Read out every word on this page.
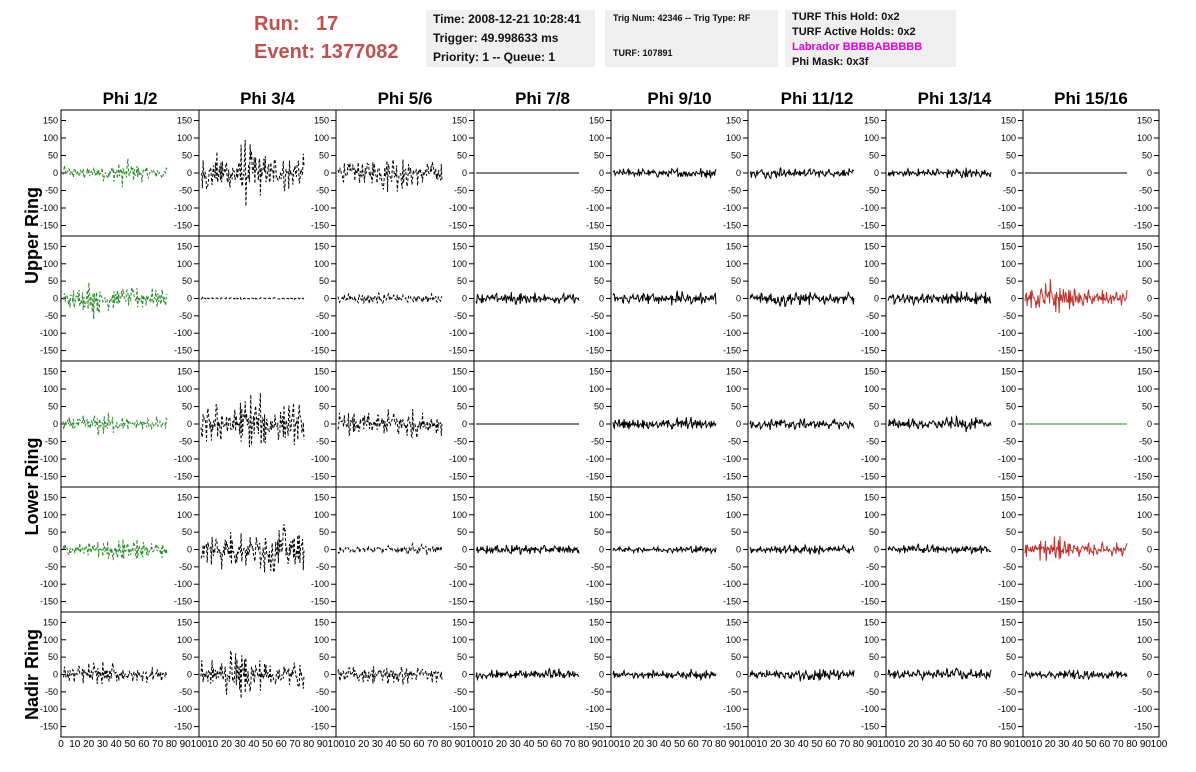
Run: 17
Event: 1377082
Time: 2008-12-21 10:28:41
Trigger: 49.998633 ms
Priority: 1 -- Queue: 1
Trig Num: 42346 -- Trig Type: RF
TURF: 107891
TURF This Hold: 0x2
TURF Active Holds: 0x2
Labrador BBBBABBBBB
Phi Mask: 0x3f
Phi 1/2	Phi 3/4	Phi 5/6	Phi 7/8	Phi 9/10	Phi 11/12	Phi 13/14	Phi 15/16
Upper Ring
Lower Ring
Nadir Ring
-150	-150
-100	-100
-50	-50
0	0
50	50
100	100
150	150
-150
-100
-50
0
50
100
150
-150
-100
-50
0
50
100
150
-150
-100
-50
0
50
100
150
-150
-100
-50
0
50
100
150
-150
-100
-50
0
50
100
150
-150
-100
-50
0
50
100
150
-150
-100
-50
0
50
100
150
-150	-150
-100	-100
-50	-50
0	0
50	50
100	100
150	150
-150
-100
-50
0
50
100
150
-150
-100
-50
0
50
100
150
-150
-100
-50
0
50
100
150
-150
-100
-50
0
50
100
150
-150
-100
-50
0
50
100
150
-150
-100
-50
0
50
100
150
-150
-100
-50
0
50
100
150
-150	-150
-100	-100
-50	-50
0	0
50	50
100	100
150	150
-150
-100
-50
0
50
100
150
-150
-100
-50
0
50
100
150
-150
-100
-50
0
50
100
150
-150
-100
-50
0
50
100
150
-150
-100
-50
0
50
100
150
-150
-100
-50
0
50
100
150
-150
-100
-50
0
50
100
150
-150	-150
-100	-100
-50	-50
0	0
50	50
100	100
150	150
-150
-100
-50
0
50
100
150
-150
-100
-50
0
50
100
150
-150
-100
-50
0
50
100
150
-150
-100
-50
0
50
100
150
-150
-100
-50
0
50
100
150
-150
-100
-50
0
50
100
150
-150
-100
-50
0
50
100
150
-150	-150
-100	-100
-50	-50
0	0
50	50
100	100
150	150
-150
-100
-50
0
50
100
150
-150
-100
-50
0
50
100
150
-150
-100
-50
0
50
100
150
-150
-100
-50
0
50
100
150
-150
-100
-50
0
50
100
150
-150
-100
-50
0
50
100
150
-150
-100
-50
0
50
100
150
0 10 20 30 40 50 60 70 80 90 100 10 20 30 40 50 60 70 80 90 100 10 20 30 40 50 60 70 80 90 100 10 20 30 40 50 60 70 80 90 100 10 20 30 40 50 60 70 80 90 100 10 20 30 40 50 60 70 80 90 100 10 20 30 40 50 60 70 80 90 100 10 20 30 40 50 60 70 80 90 100
